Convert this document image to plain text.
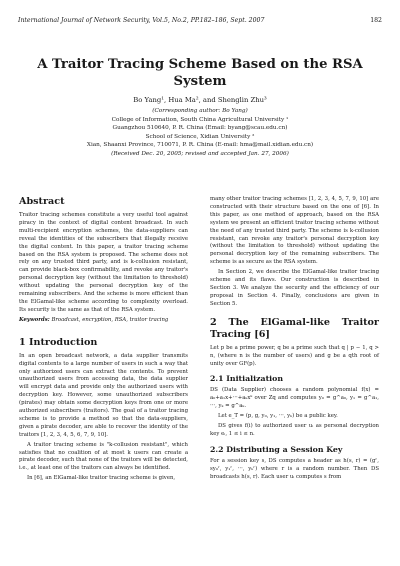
International Journal of Network Security, Vol.5, No.2, PP.182–186, Sept. 2007	182
A Traitor Tracing Scheme Based on the RSA System
Bo Yang¹, Hua Ma², and Shenglin Zhu³
(Corresponding author: Bo Yang)
College of Information, South China Agricultural University ¹
Guangzhou 510640, P. R. China (Email: byang@scau.edu.cn)
School of Science, Xidian University ²
Xian, Shaanxi Province, 710071, P. R. China (E-mail: hma@mail.xidian.edu.cn)
(Received Dec. 20, 2005; revised and accepted Jan. 27, 2006)
Abstract

Traitor tracing schemes constitute a very useful tool against piracy in the context of digital content broadcast. In such multi-recipient encryption schemes, the data-suppliers can reveal the identities of the subscribers that illegally receive the digital content. In this paper, a traitor tracing scheme based on the RSA system is proposed. The scheme does not rely on any trusted third party, and is k-collusion resistant, can provide black-box confirmability, and revoke any traitor's personal decryption key (without the limitation to threshold) without updating the personal decryption key of the remaining subscribers. And the scheme is more efficient than the ElGamal-like scheme according to complexity overload. Its security is the same as that of the RSA system.

Keywords: Broadcast, encryption, RSA, traitor tracing

1 Introduction

In an open broadcast network, a data supplier transmits digital contents to a large number of users in such a way that only authorized users can extract the contents. To prevent unauthorized users from accessing data, the data supplier will encrypt data and provide only the authorized users with decryption key. However, some unauthorized subscribers (pirates) may obtain some decryption keys from one or more authorized subscribers (traitors). The goal of a traitor tracing scheme is to provide a method so that the data-suppliers, given a pirate decoder, are able to recover the identity of the traitors [1, 2, 3, 4, 5, 6, 7, 9, 10].

A traitor tracing scheme is "k-collusion resistant", which satisfies that no coalition of at most k users can create a pirate decoder, such that none of the traitors will be detected, i.e., at least one of the traitors can always be identified.

In [6], an ElGamal-like traitor tracing scheme is given,

many other traitor tracing schemes [1, 2, 3, 4, 5, 7, 9, 10] are constructed with their structure based on the one of [6]. In this paper, as one method of approach, based on the RSA system we present an efficient traitor tracing scheme without the need of any trusted third party. The scheme is k-collusion resistant, can revoke any traitor's personal decryption key (without the limitation to threshold) without updating the personal decryption key of the remaining subscribers. The scheme is as secure as the RSA system.

In Section 2, we describe the ElGamal-like traitor tracing scheme and its flaws. Our construction is described in Section 3. We analyze the security and the efficiency of our proposal in Section 4. Finally, conclusions are given in Section 5.

2 The ElGamal-like Traitor Tracing [6]

Let p be a prime power, q be a prime such that q | p − 1, q > n, (where n is the number of users) and g be a qth root of unity over GF(p).

2.1 Initialization

DS (Data Supplier) chooses a random polynomial f(x) = a₀+a₁x+···+aₖxᵏ over Zq and computes y₀ = g^a₀, y₁ = g^a₁, ···, yₖ = g^aₖ.

Let e_T = (p, g, y₀, y₁, ···, yₖ) be a public key.

DS gives f(i) to authorized user uᵢ as personal decryption key eᵢ, 1 ≤ i ≤ n.

2.2 Distributing a Session Key

For a session key s, DS computes a header as h(s, r) = (gʳ, sy₀ʳ, y₁ʳ, ···, yₖʳ) where r is a random number. Then DS broadcasts h(s, r). Each user uᵢ computes s from
